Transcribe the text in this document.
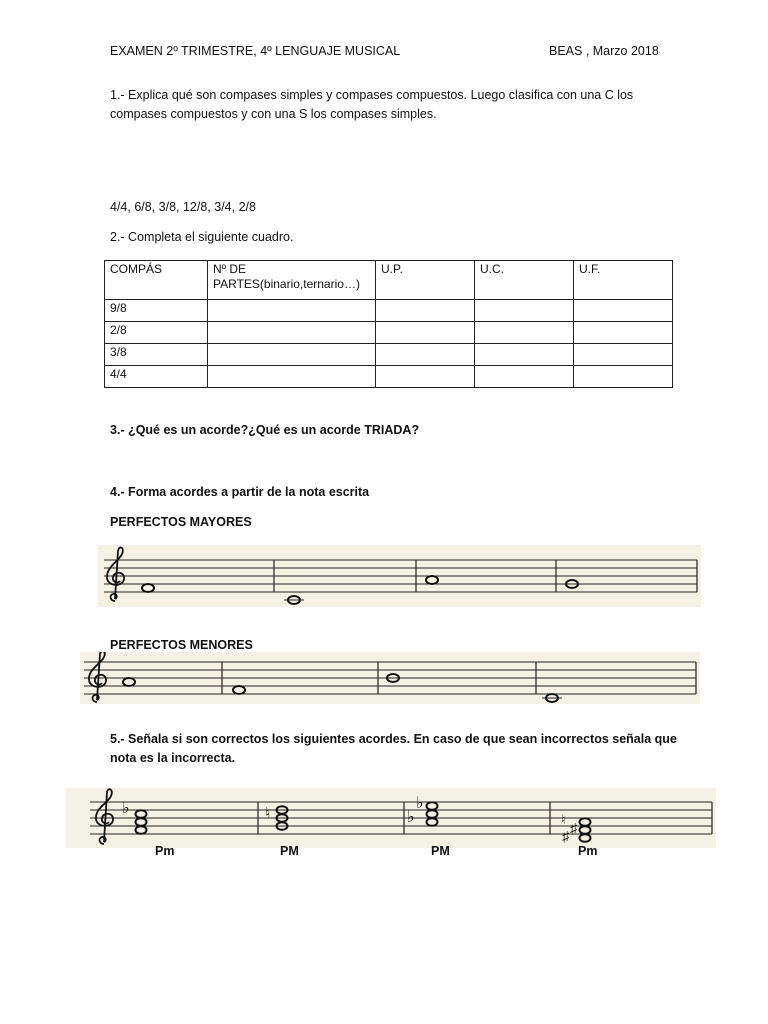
EXAMEN 2º TRIMESTRE, 4º LENGUAJE MUSICAL	BEAS , Marzo 2018
1.- Explica qué son compases simples y compases compuestos. Luego clasifica con una C los
compases compuestos y con una S los compases simples.
4/4, 6/8, 3/8, 12/8, 3/4, 2/8
2.- Completa el siguiente cuadro.
COMPÁS	Nº DE
PARTES(binario,ternario…)	U.P.	U.C.	U.F.
9/8				
2/8				
3/8				
4/4				
3.- ¿Qué es un acorde?¿Qué es un acorde TRIADA?
4.- Forma acordes a partir de la nota escrita
PERFECTOS MAYORES
PERFECTOS MENORES
5.- Señala si son correctos los siguientes acordes. En caso de que sean incorrectos señala que
nota es la incorrecta.
♭	♮
♭
♭	♮
♯
♯
Pm	PM	PM	Pm
